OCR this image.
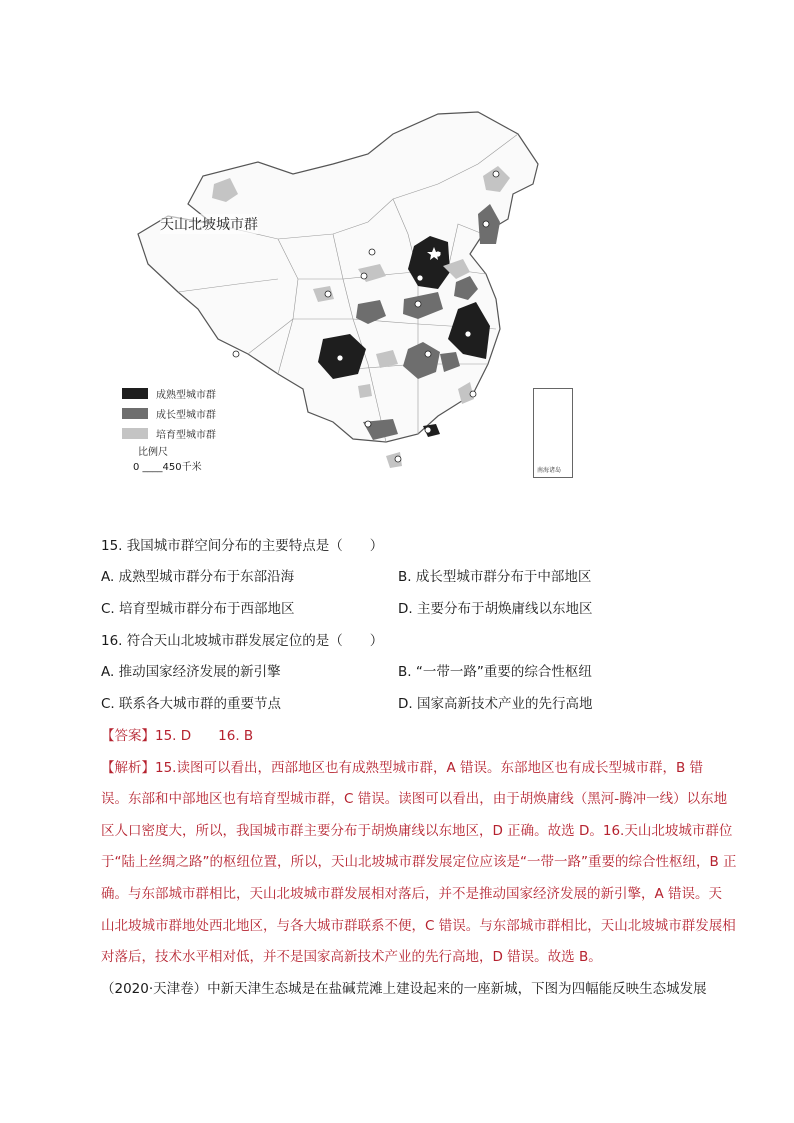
天山北坡城市群
成熟型城市群
成长型城市群
培育型城市群
比例尺
0 ____450千米	南海诸岛
15. 我国城市群空间分布的主要特点是（　　）
A. 成熟型城市群分布于东部沿海	B. 成长型城市群分布于中部地区
C. 培育型城市群分布于西部地区	D. 主要分布于胡焕庸线以东地区
16. 符合天山北坡城市群发展定位的是（　　）
A. 推动国家经济发展的新引擎	B. “一带一路”重要的综合性枢纽
C. 联系各大城市群的重要节点	D. 国家高新技术产业的先行高地
【答案】15. D　　16. B
【解析】15.读图可以看出，西部地区也有成熟型城市群，A 错误。东部地区也有成长型城市群，B 错
误。东部和中部地区也有培育型城市群，C 错误。读图可以看出，由于胡焕庸线（黑河-腾冲一线）以东地
区人口密度大，所以，我国城市群主要分布于胡焕庸线以东地区，D 正确。故选 D。16.天山北坡城市群位
于“陆上丝绸之路”的枢纽位置，所以，天山北坡城市群发展定位应该是“一带一路”重要的综合性枢纽，B 正
确。与东部城市群相比，天山北坡城市群发展相对落后，并不是推动国家经济发展的新引擎，A 错误。天
山北坡城市群地处西北地区，与各大城市群联系不便，C 错误。与东部城市群相比，天山北坡城市群发展相
对落后，技术水平相对低，并不是国家高新技术产业的先行高地，D 错误。故选 B。
（2020·天津卷）中新天津生态城是在盐碱荒滩上建设起来的一座新城，下图为四幅能反映生态城发展
